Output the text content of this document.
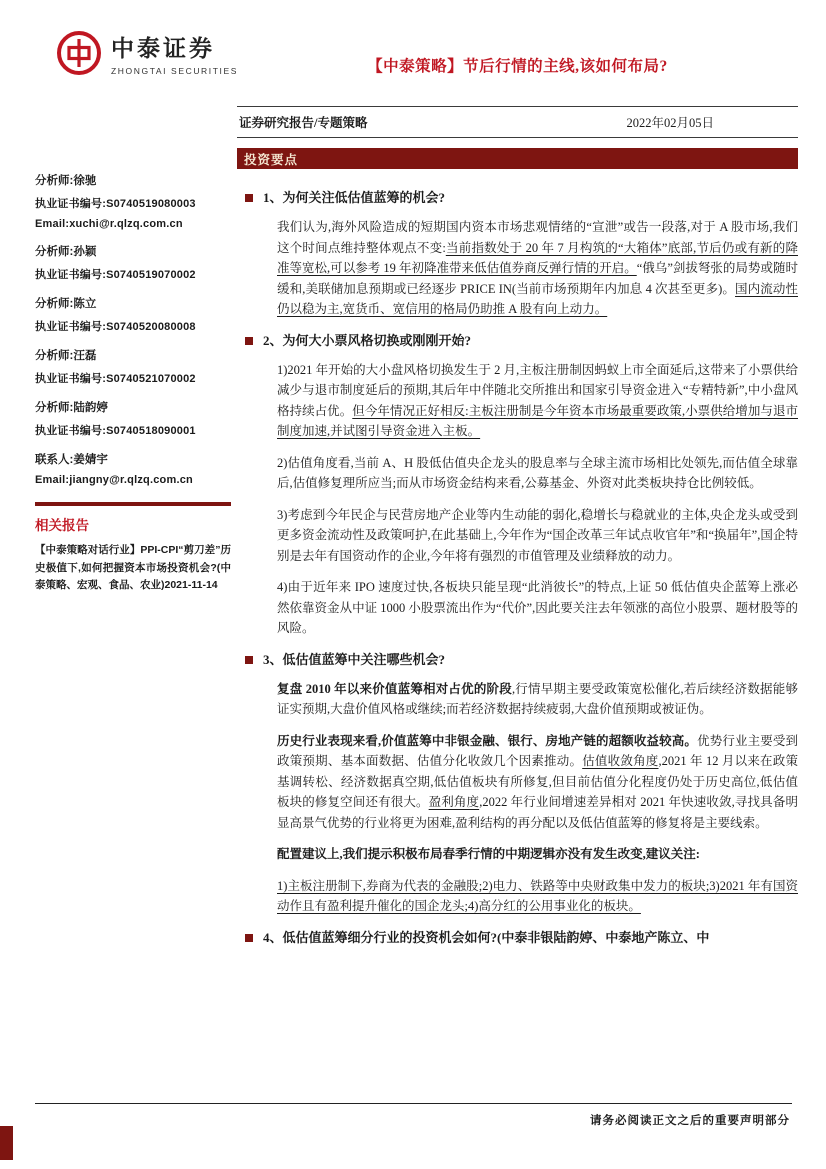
中泰证券
ZHONGTAI SECURITIES	【中泰策略】节后行情的主线,该如何布局?
证券研究报告/专题策略	2022年02月05日
投资要点
分析师:徐驰
执业证书编号:S0740519080003
Email:xuchi@r.qlzq.com.cn
分析师:孙颖
执业证书编号:S0740519070002
分析师:陈立
执业证书编号:S0740520080008
分析师:汪磊
执业证书编号:S0740521070002
分析师:陆韵婷
执业证书编号:S0740518090001
联系人:姜婧宇
Email:jiangny@r.qlzq.com.cn
相关报告
【中泰策略对话行业】PPI-CPI“剪刀差”历史极值下,如何把握资本市场投资机会?(中泰策略、宏观、食品、农业)2021-11-14
1、为何关注低估值蓝筹的机会?

我们认为,海外风险造成的短期国内资本市场悲观情绪的“宣泄”或告一段落,对于 A 股市场,我们这个时间点维持整体观点不变:当前指数处于 20 年 7 月构筑的“大箱体”底部,节后仍或有新的降准等宽松,可以参考 19 年初降准带来低估值券商反弹行情的开启。“俄乌”剑拔弩张的局势或随时缓和,美联储加息预期或已经逐步 PRICE IN(当前市场预期年内加息 4 次甚至更多)。国内流动性仍以稳为主,宽货币、宽信用的格局仍助推 A 股有向上动力。

2、为何大小票风格切换或刚刚开始?

1)2021 年开始的大小盘风格切换发生于 2 月,主板注册制因蚂蚁上市全面延后,这带来了小票供给减少与退市制度延后的预期,其后年中伴随北交所推出和国家引导资金进入“专精特新”,中小盘风格持续占优。但今年情况正好相反:主板注册制是今年资本市场最重要政策,小票供给增加与退市制度加速,并试图引导资金进入主板。

2)估值角度看,当前 A、H 股低估值央企龙头的股息率与全球主流市场相比处领先,而估值全球靠后,估值修复理所应当;而从市场资金结构来看,公募基金、外资对此类板块持仓比例较低。

3)考虑到今年民企与民营房地产企业等内生动能的弱化,稳增长与稳就业的主体,央企龙头或受到更多资金流动性及政策呵护,在此基础上,今年作为“国企改革三年试点收官年”和“换届年”,国企特别是去年有国资动作的企业,今年将有强烈的市值管理及业绩释放的动力。

4)由于近年来 IPO 速度过快,各板块只能呈现“此消彼长”的特点,上证 50 低估值央企蓝筹上涨必然依靠资金从中证 1000 小股票流出作为“代价”,因此要关注去年领涨的高位小股票、题材股等的风险。

3、低估值蓝筹中关注哪些机会?

复盘 2010 年以来价值蓝筹相对占优的阶段,行情早期主要受政策宽松催化,若后续经济数据能够证实预期,大盘价值风格或继续;而若经济数据持续疲弱,大盘价值预期或被证伪。

历史行业表现来看,价值蓝筹中非银金融、银行、房地产链的超额收益较高。优势行业主要受到政策预期、基本面数据、估值分化收敛几个因素推动。估值收敛角度,2021 年 12 月以来在政策基调转松、经济数据真空期,低估值板块有所修复,但目前估值分化程度仍处于历史高位,低估值板块的修复空间还有很大。盈利角度,2022 年行业间增速差异相对 2021 年快速收敛,寻找具备明显高景气优势的行业将更为困难,盈利结构的再分配以及低估值蓝筹的修复将是主要线索。

配置建议上,我们提示积极布局春季行情的中期逻辑亦没有发生改变,建议关注:

1)主板注册制下,券商为代表的金融股;2)电力、铁路等中央财政集中发力的板块;3)2021 年有国资动作且有盈利提升催化的国企龙头;4)高分红的公用事业化的板块。

4、低估值蓝筹细分行业的投资机会如何?(中泰非银陆韵婷、中泰地产陈立、中
请务必阅读正文之后的重要声明部分
